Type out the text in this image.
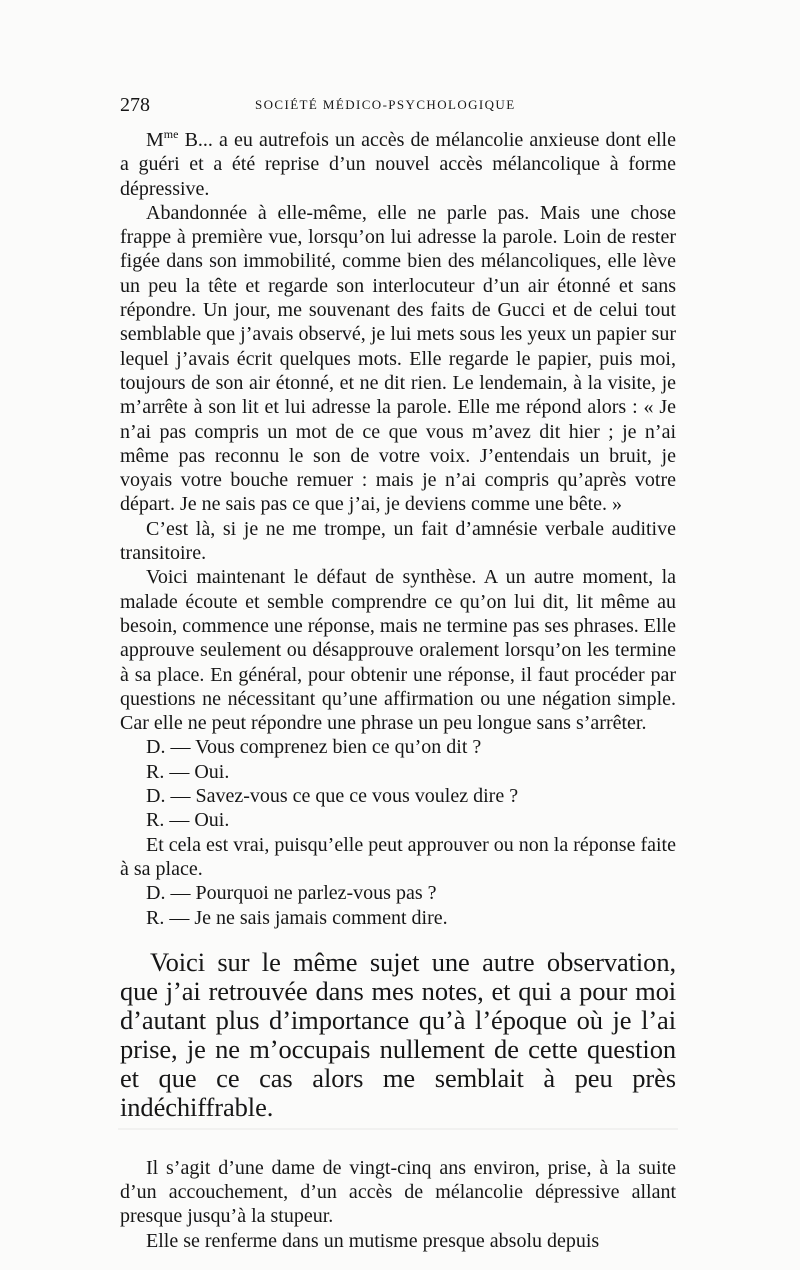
278	SOCIÉTÉ MÉDICO-PSYCHOLOGIQUE

$M^{me}$ B... a eu autrefois un accès de mélancolie anxieuse dont elle a guéri et a été reprise d’un nouvel accès mélancolique à forme dépressive.

Abandonnée à elle-même, elle ne parle pas. Mais une chose frappe à première vue, lorsqu’on lui adresse la parole. Loin de rester figée dans son immobilité, comme bien des mélancoliques, elle lève un peu la tête et regarde son interlocuteur d’un air étonné et sans répondre. Un jour, me souvenant des faits de Gucci et de celui tout semblable que j’avais observé, je lui mets sous les yeux un papier sur lequel j’avais écrit quelques mots. Elle regarde le papier, puis moi, toujours de son air étonné, et ne dit rien. Le lendemain, à la visite, je m’arrête à son lit et lui adresse la parole. Elle me répond alors : « Je n’ai pas compris un mot de ce que vous m’avez dit hier ; je n’ai même pas reconnu le son de votre voix. J’entendais un bruit, je voyais votre bouche remuer : mais je n’ai compris qu’après votre départ. Je ne sais pas ce que j’ai, je deviens comme une bête. »

C’est là, si je ne me trompe, un fait d’amnésie verbale auditive transitoire.

Voici maintenant le défaut de synthèse. A un autre moment, la malade écoute et semble comprendre ce qu’on lui dit, lit même au besoin, commence une réponse, mais ne termine pas ses phrases. Elle approuve seulement ou désapprouve oralement lorsqu’on les termine à sa place. En général, pour obtenir une réponse, il faut procéder par questions ne nécessitant qu’une affirmation ou une négation simple. Car elle ne peut répondre une phrase un peu longue sans s’arrêter.

D. — Vous comprenez bien ce qu’on dit ?

R. — Oui.

D. — Savez-vous ce que ce vous voulez dire ?

R. — Oui.

Et cela est vrai, puisqu’elle peut approuver ou non la réponse faite à sa place.

D. — Pourquoi ne parlez-vous pas ?

R. — Je ne sais jamais comment dire.

Voici sur le même sujet une autre observation, que j’ai retrouvée dans mes notes, et qui a pour moi d’autant plus d’importance qu’à l’époque où je l’ai prise, je ne m’occupais nullement de cette question et que ce cas alors me semblait à peu près indéchiffrable.

Il s’agit d’une dame de vingt-cinq ans environ, prise, à la suite d’un accouchement, d’un accès de mélancolie dépressive allant presque jusqu’à la stupeur.

Elle se renferme dans un mutisme presque absolu depuis
